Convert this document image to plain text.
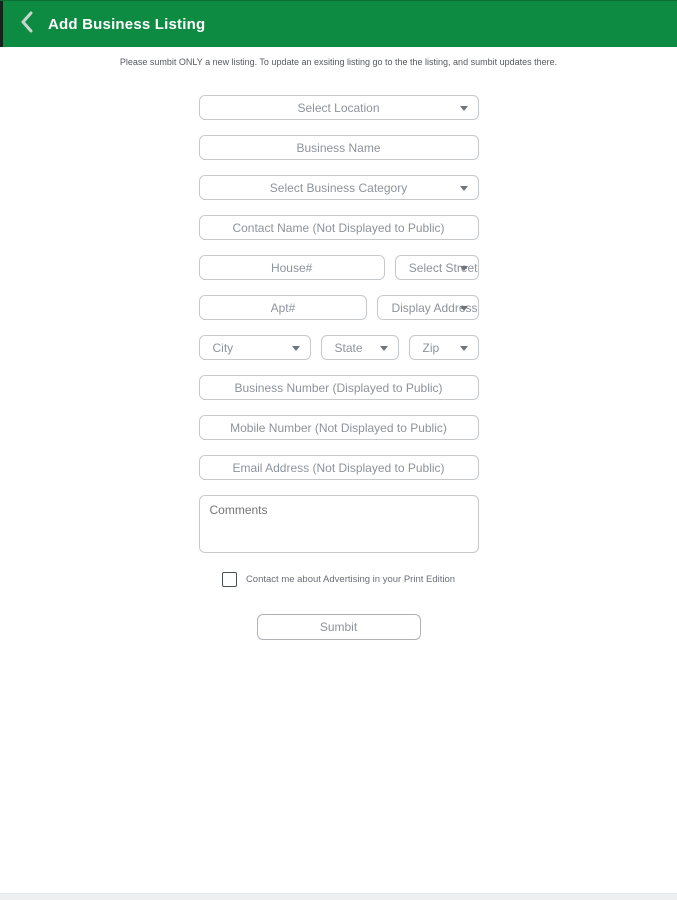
Add Business Listing
Please sumbit ONLY a new listing. To update an exsiting listing go to the the listing, and sumbit updates there.
Select Location
Business Name
Select Business Category
Contact Name (Not Displayed to Public)
House#
Select Street
Apt#
Display Address
City	State	Zip
Business Number (Displayed to Public)
Mobile Number (Not Displayed to Public)
Email Address (Not Displayed to Public)
Comments
Contact me about Advertising in your Print Edition
Sumbit
